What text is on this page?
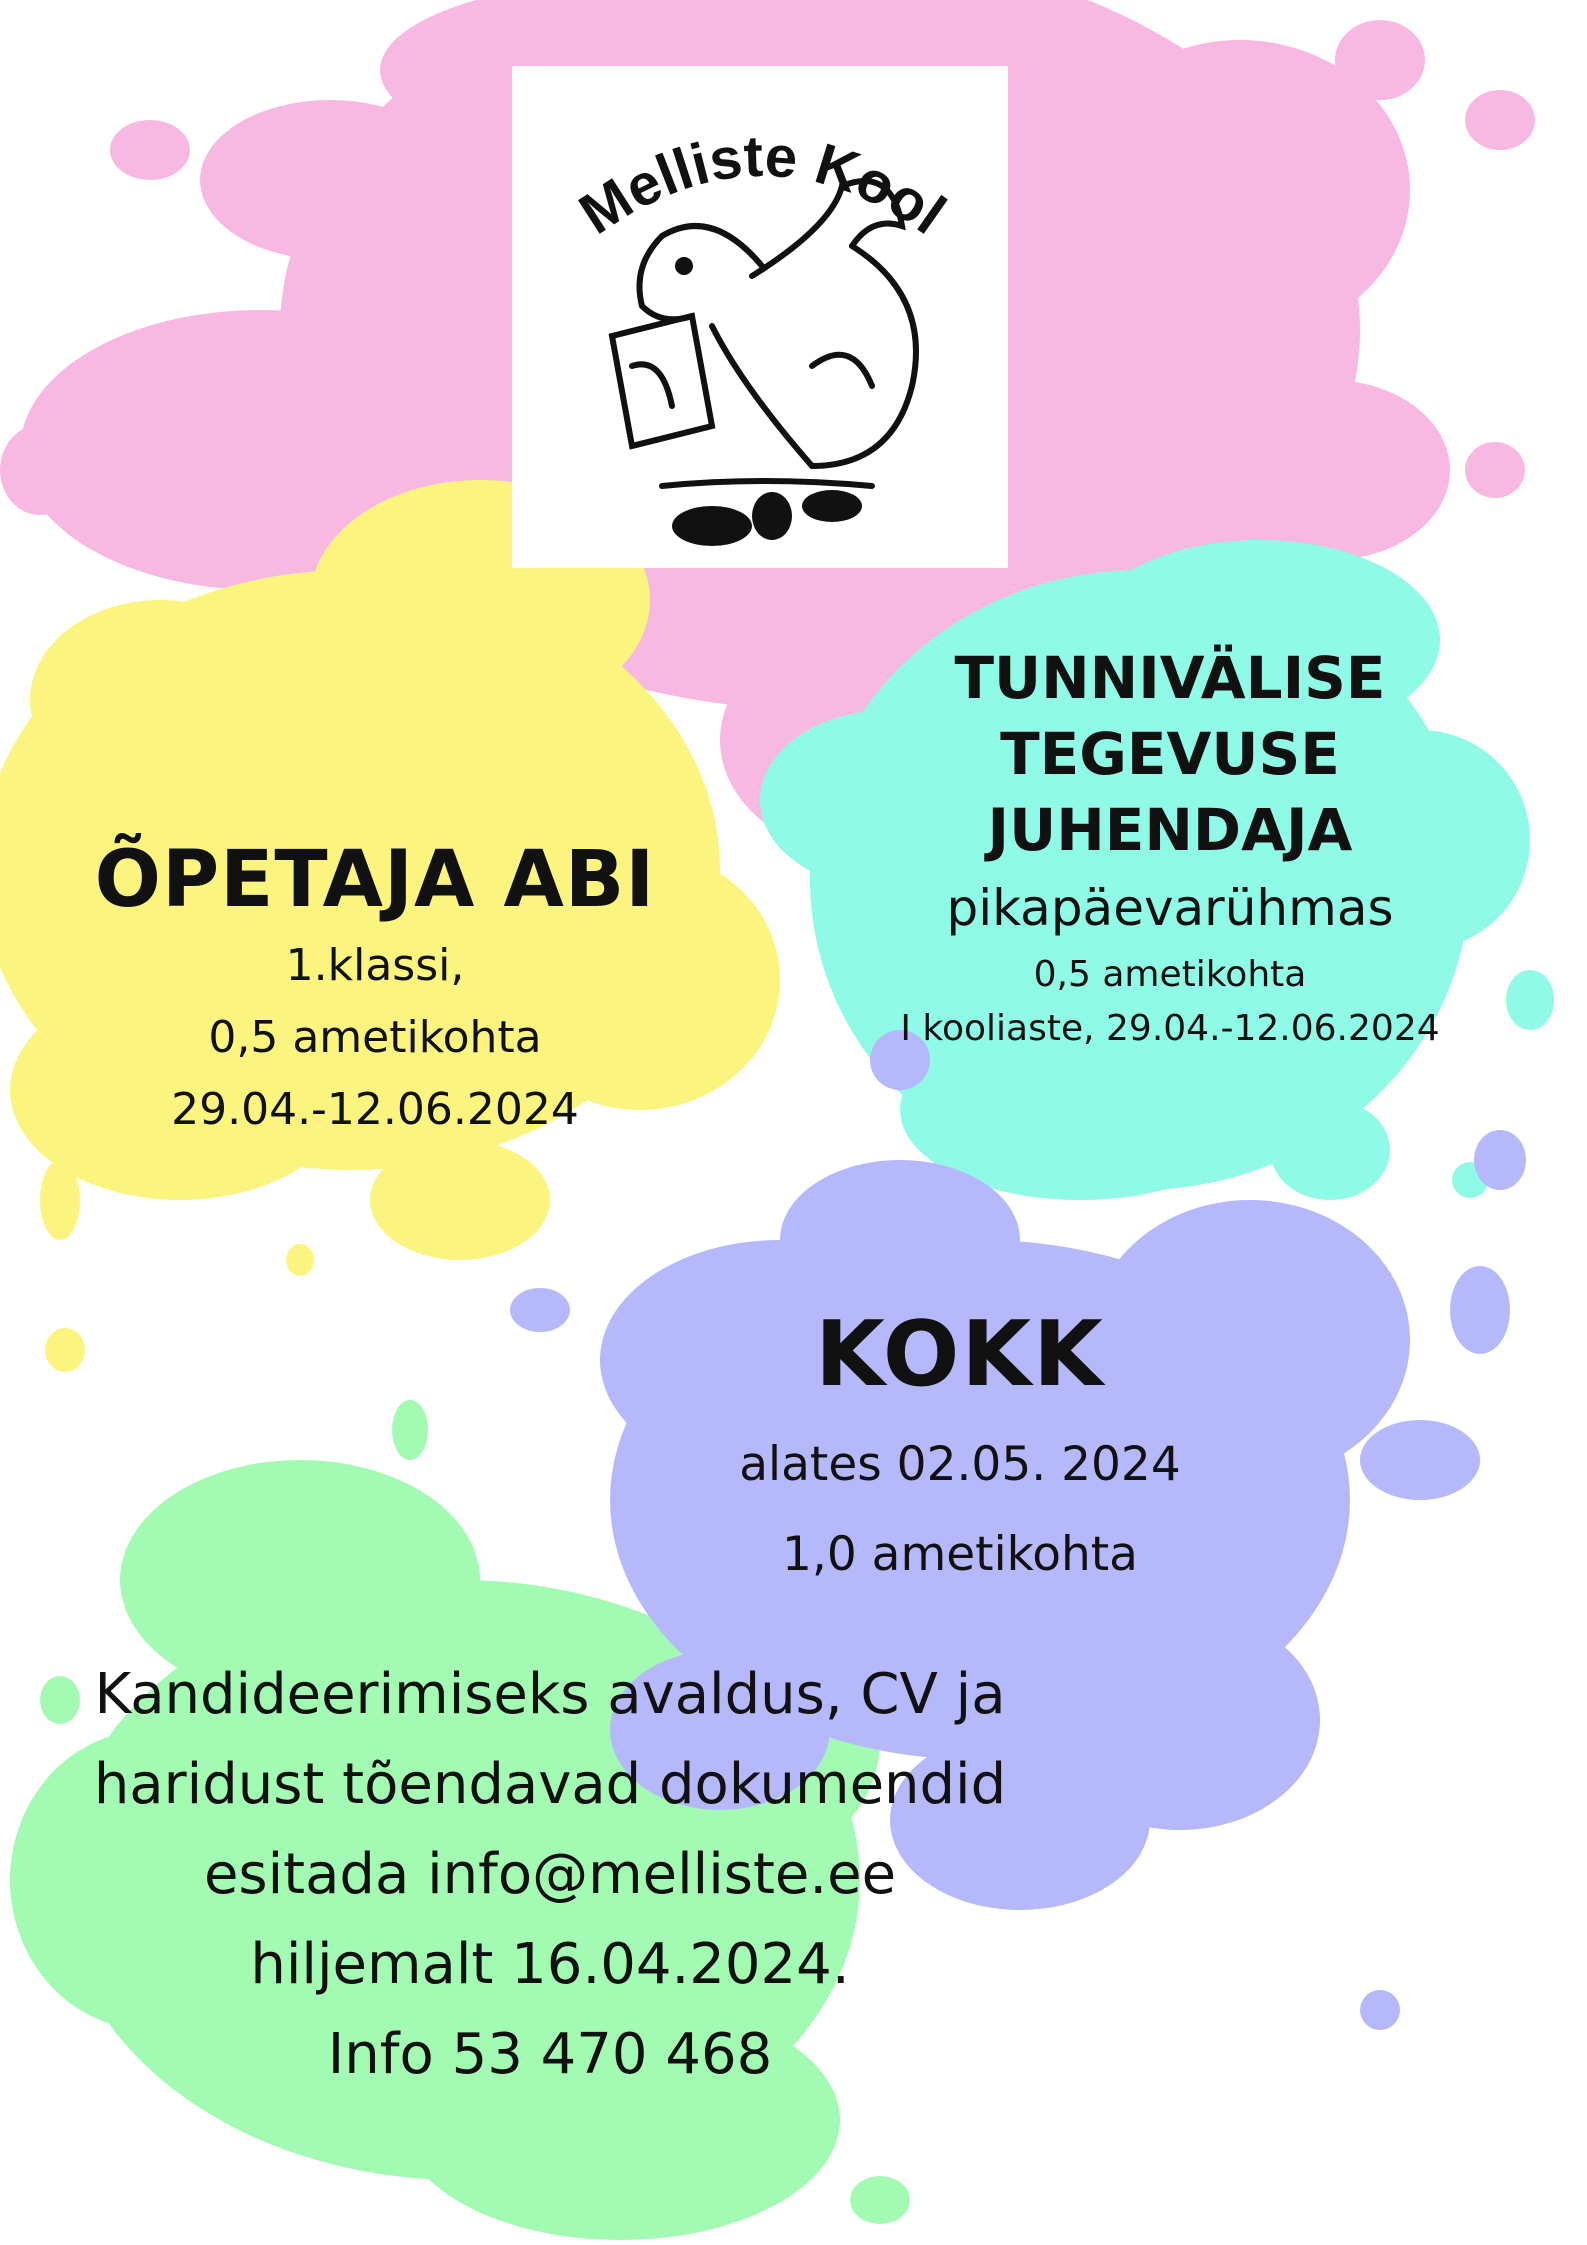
Melliste Kool
ÕPETAJA ABI
1.klassi,
0,5 ametikohta
29.04.-12.06.2024
TUNNIVÄLISE
TEGEVUSE
JUHENDAJA
pikapäevarühmas
0,5 ametikohta
I kooliaste, 29.04.-12.06.2024
KOKK
alates 02.05. 2024
1,0 ametikohta
Kandideerimiseks avaldus, CV ja
haridust tõendavad dokumendid
esitada info@melliste.ee
hiljemalt 16.04.2024.
Info 53 470 468
